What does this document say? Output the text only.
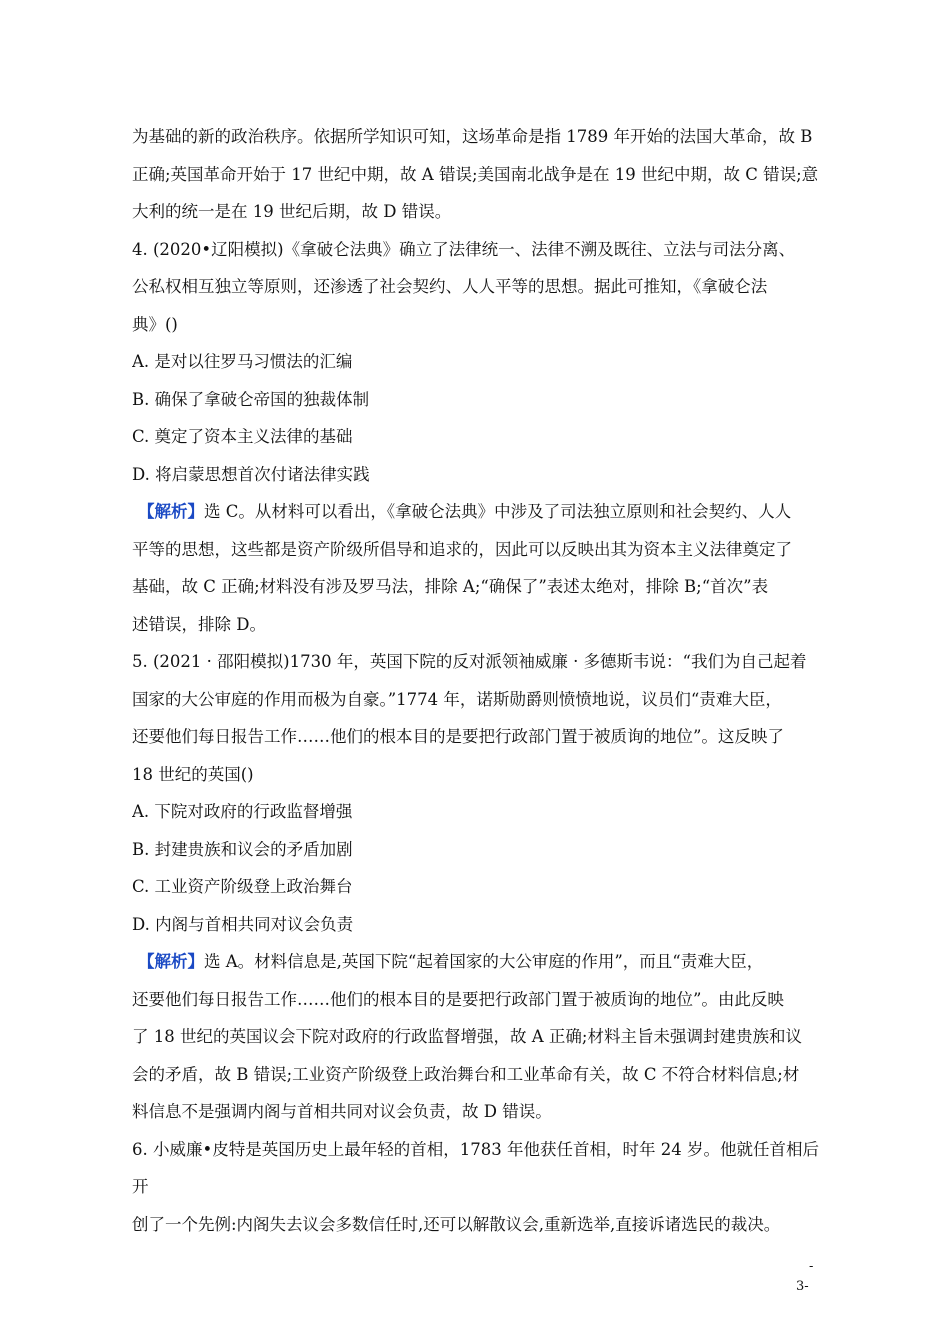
为基础的新的政治秩序。依据所学知识可知，这场革命是指 1789 年开始的法国大革命，故 B
正确;英国革命开始于 17 世纪中期，故 A 错误;美国南北战争是在 19 世纪中期，故 C 错误;意
大利的统一是在 19 世纪后期，故 D 错误。
4. (2020•辽阳模拟)《拿破仑法典》确立了法律统一、法律不溯及既往、立法与司法分离、
公私权相互独立等原则，还渗透了社会契约、人人平等的思想。据此可推知，《拿破仑法
典》()
A. 是对以往罗马习惯法的汇编
B. 确保了拿破仑帝国的独裁体制
C. 奠定了资本主义法律的基础
D. 将启蒙思想首次付诸法律实践
【解析】选 C。从材料可以看出，《拿破仑法典》中涉及了司法独立原则和社会契约、人人
平等的思想，这些都是资产阶级所倡导和追求的，因此可以反映出其为资本主义法律奠定了
基础，故 C 正确;材料没有涉及罗马法，排除 A;“确保了”表述太绝对，排除 B;“首次”表
述错误，排除 D。
5. (2021 · 邵阳模拟)1730 年，英国下院的反对派领袖威廉 · 多德斯韦说：“我们为自己起着
国家的大公审庭的作用而极为自豪。”1774 年，诺斯勋爵则愤愤地说，议员们“责难大臣，
还要他们每日报告工作……他们的根本目的是要把行政部门置于被质询的地位”。这反映了
18 世纪的英国()
A. 下院对政府的行政监督增强
B. 封建贵族和议会的矛盾加剧
C. 工业资产阶级登上政治舞台
D. 内阁与首相共同对议会负责
【解析】选 A。材料信息是,英国下院“起着国家的大公审庭的作用”，而且“责难大臣，
还要他们每日报告工作……他们的根本目的是要把行政部门置于被质询的地位”。由此反映
了 18 世纪的英国议会下院对政府的行政监督增强，故 A 正确;材料主旨未强调封建贵族和议
会的矛盾，故 B 错误;工业资产阶级登上政治舞台和工业革命有关，故 C 不符合材料信息;材
料信息不是强调内阁与首相共同对议会负责，故 D 错误。
6. 小威廉•皮特是英国历史上最年轻的首相，1783 年他获任首相，时年 24 岁。他就任首相后
开
创了一个先例:内阁失去议会多数信任时,还可以解散议会,重新选举,直接诉诸选民的裁决。
-
3-
